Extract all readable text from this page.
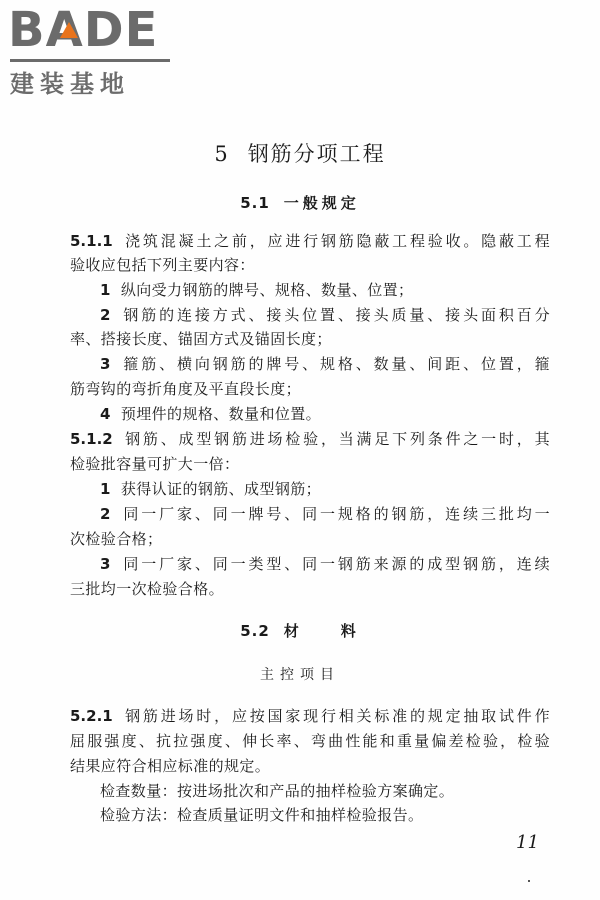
BADE
建装基地
5 钢筋分项工程
5.1 一般规定
5.1.1 浇筑混凝土之前，应进行钢筋隐蔽工程验收。隐蔽工程
验收应包括下列主要内容：
1 纵向受力钢筋的牌号、规格、数量、位置；
2 钢筋的连接方式、接头位置、接头质量、接头面积百分
率、搭接长度、锚固方式及锚固长度；
3 箍筋、横向钢筋的牌号、规格、数量、间距、位置，箍
筋弯钩的弯折角度及平直段长度；
4 预埋件的规格、数量和位置。
5.1.2 钢筋、成型钢筋进场检验，当满足下列条件之一时，其
检验批容量可扩大一倍：
1 获得认证的钢筋、成型钢筋；
2 同一厂家、同一牌号、同一规格的钢筋，连续三批均一
次检验合格；
3 同一厂家、同一类型、同一钢筋来源的成型钢筋，连续
三批均一次检验合格。
5.2 材　　料
主控项目
5.2.1 钢筋进场时，应按国家现行相关标准的规定抽取试件作
屈服强度、抗拉强度、伸长率、弯曲性能和重量偏差检验，检验
结果应符合相应标准的规定。
检查数量：按进场批次和产品的抽样检验方案确定。
检验方法：检查质量证明文件和抽样检验报告。
11
